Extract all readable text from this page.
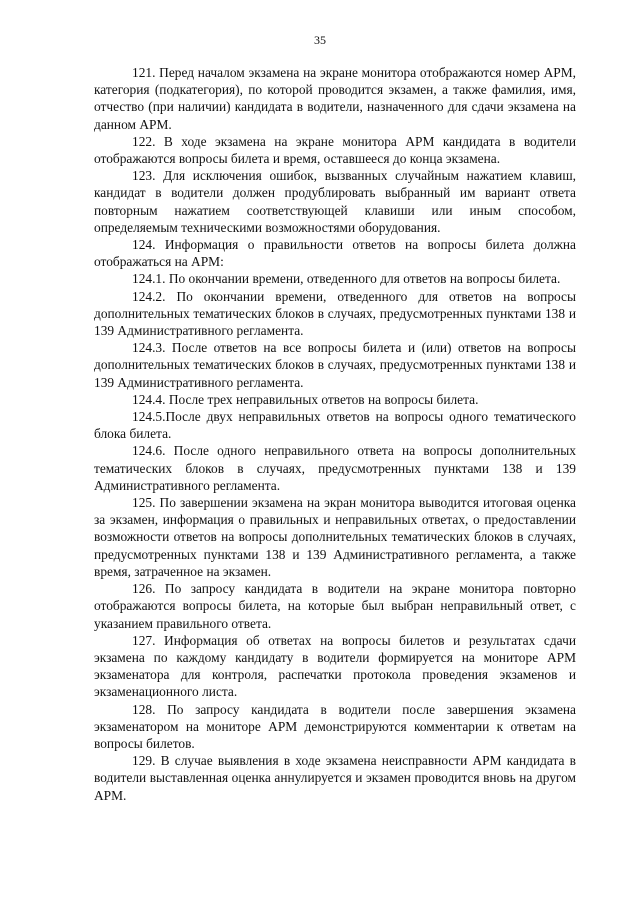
35

121. Перед началом экзамена на экране монитора отображаются номер АРМ, категория (подкатегория), по которой проводится экзамен, а также фамилия, имя, отчество (при наличии) кандидата в водители, назначенного для сдачи экзамена на данном АРМ.

122. В ходе экзамена на экране монитора АРМ кандидата в водители отображаются вопросы билета и время, оставшееся до конца экзамена.

123. Для исключения ошибок, вызванных случайным нажатием клавиш, кандидат в водители должен продублировать выбранный им вариант ответа повторным нажатием соответствующей клавиши или иным способом, определяемым техническими возможностями оборудования.

124. Информация о правильности ответов на вопросы билета должна отображаться на АРМ:

124.1. По окончании времени, отведенного для ответов на вопросы билета.

124.2. По окончании времени, отведенного для ответов на вопросы дополнительных тематических блоков в случаях, предусмотренных пунктами 138 и 139 Административного регламента.

124.3. После ответов на все вопросы билета и (или) ответов на вопросы дополнительных тематических блоков в случаях, предусмотренных пунктами 138 и 139 Административного регламента.

124.4. После трех неправильных ответов на вопросы билета.

124.5.После двух неправильных ответов на вопросы одного тематического блока билета.

124.6. После одного неправильного ответа на вопросы дополнительных тематических блоков в случаях, предусмотренных пунктами 138 и 139 Административного регламента.

125. По завершении экзамена на экран монитора выводится итоговая оценка за экзамен, информация о правильных и неправильных ответах, о предоставлении возможности ответов на вопросы дополнительных тематических блоков в случаях, предусмотренных пунктами 138 и 139 Административного регламента, а также время, затраченное на экзамен.

126. По запросу кандидата в водители на экране монитора повторно отображаются вопросы билета, на которые был выбран неправильный ответ, с указанием правильного ответа.

127. Информация об ответах на вопросы билетов и результатах сдачи экзамена по каждому кандидату в водители формируется на мониторе АРМ экзаменатора для контроля, распечатки протокола проведения экзаменов и экзаменационного листа.

128. По запросу кандидата в водители после завершения экзамена экзаменатором на мониторе АРМ демонстрируются комментарии к ответам на вопросы билетов.

129. В случае выявления в ходе экзамена неисправности АРМ кандидата в водители выставленная оценка аннулируется и экзамен проводится вновь на другом АРМ.
